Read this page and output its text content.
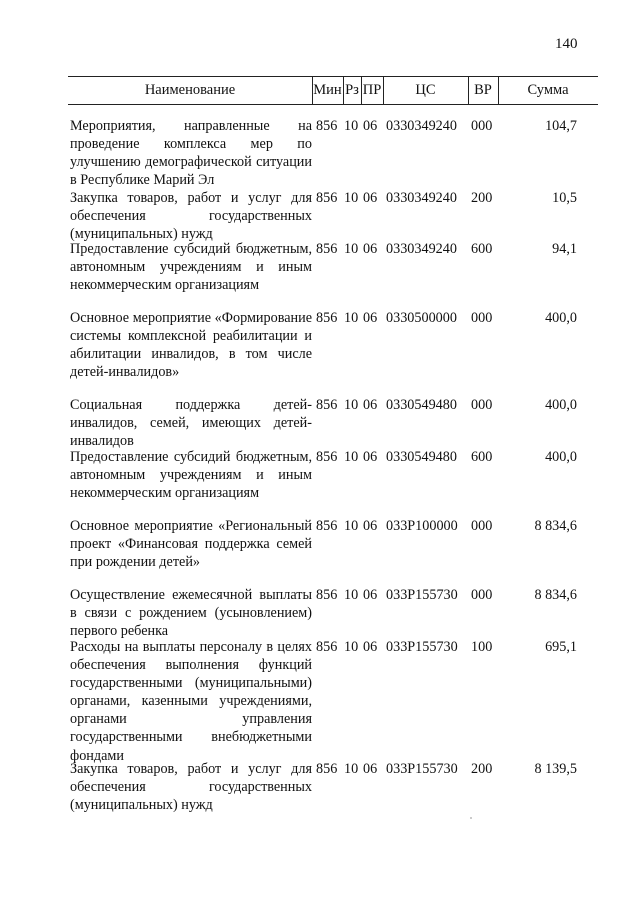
140
Наименование	Мин Рз ПР	ЦС	ВР	Сумма
Мероприятия, направленные на проведение комплекса мер по улучшению демографической ситуации в Республике Марий Эл
856 10 06 0330349240 000	104,7
Закупка товаров, работ и услуг для обеспечения государственных (муниципальных) нужд
856 10 06 0330349240 200	10,5
Предоставление субсидий бюджетным, автономным учреждениям и иным некоммерческим организациям
856 10 06 0330349240 600	94,1
Основное мероприятие «Формирование системы комплексной реабилитации и абилитации инвалидов, в том числе детей-инвалидов»
856 10 06 0330500000 000	400,0
Социальная поддержка детей-инвалидов, семей, имеющих детей-инвалидов
856 10 06 0330549480 000	400,0
Предоставление субсидий бюджетным, автономным учреждениям и иным некоммерческим организациям
856 10 06 0330549480 600	400,0
Основное мероприятие «Региональный проект «Финансовая поддержка семей при рождении детей»
856 10 06 033P100000 000	8 834,6
Осуществление ежемесячной выплаты в связи с рождением (усыновлением) первого ребенка
856 10 06 033P155730 000	8 834,6
Расходы на выплаты персоналу в целях обеспечения выполнения функций государственными (муниципальными) органами, казенными учреждениями, органами управления государственными внебюджетными фондами
856 10 06 033P155730 100	695,1
Закупка товаров, работ и услуг для обеспечения государственных (муниципальных) нужд
856 10 06 033P155730 200	8 139,5
